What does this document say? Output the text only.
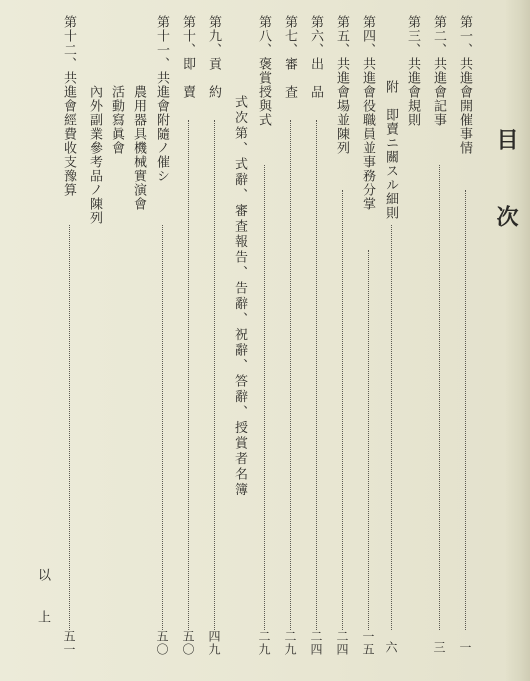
目
次
第一、共進會開催事情
一
第二、共進會記事
三
第三、共進會規則
附　即賣ニ關スル細則
六
第四、共進會役職員並事務分掌
一五
第五、共進會場並陳列
二四
第六、出　品
二四
第七、審　査
二九
第八、褒賞授與式
二九
式次第、式辭、審査報告、告辭、祝辭、答辭、授賞者名簿
第九、貢　約
四九
第十、即　賣
五〇
第十一、共進會附隨ノ催シ
五〇
農用器具機械實演會
活動寫眞會
內外副業參考品ノ陳列
第十二、共進會經費收支豫算
五一
以
上
